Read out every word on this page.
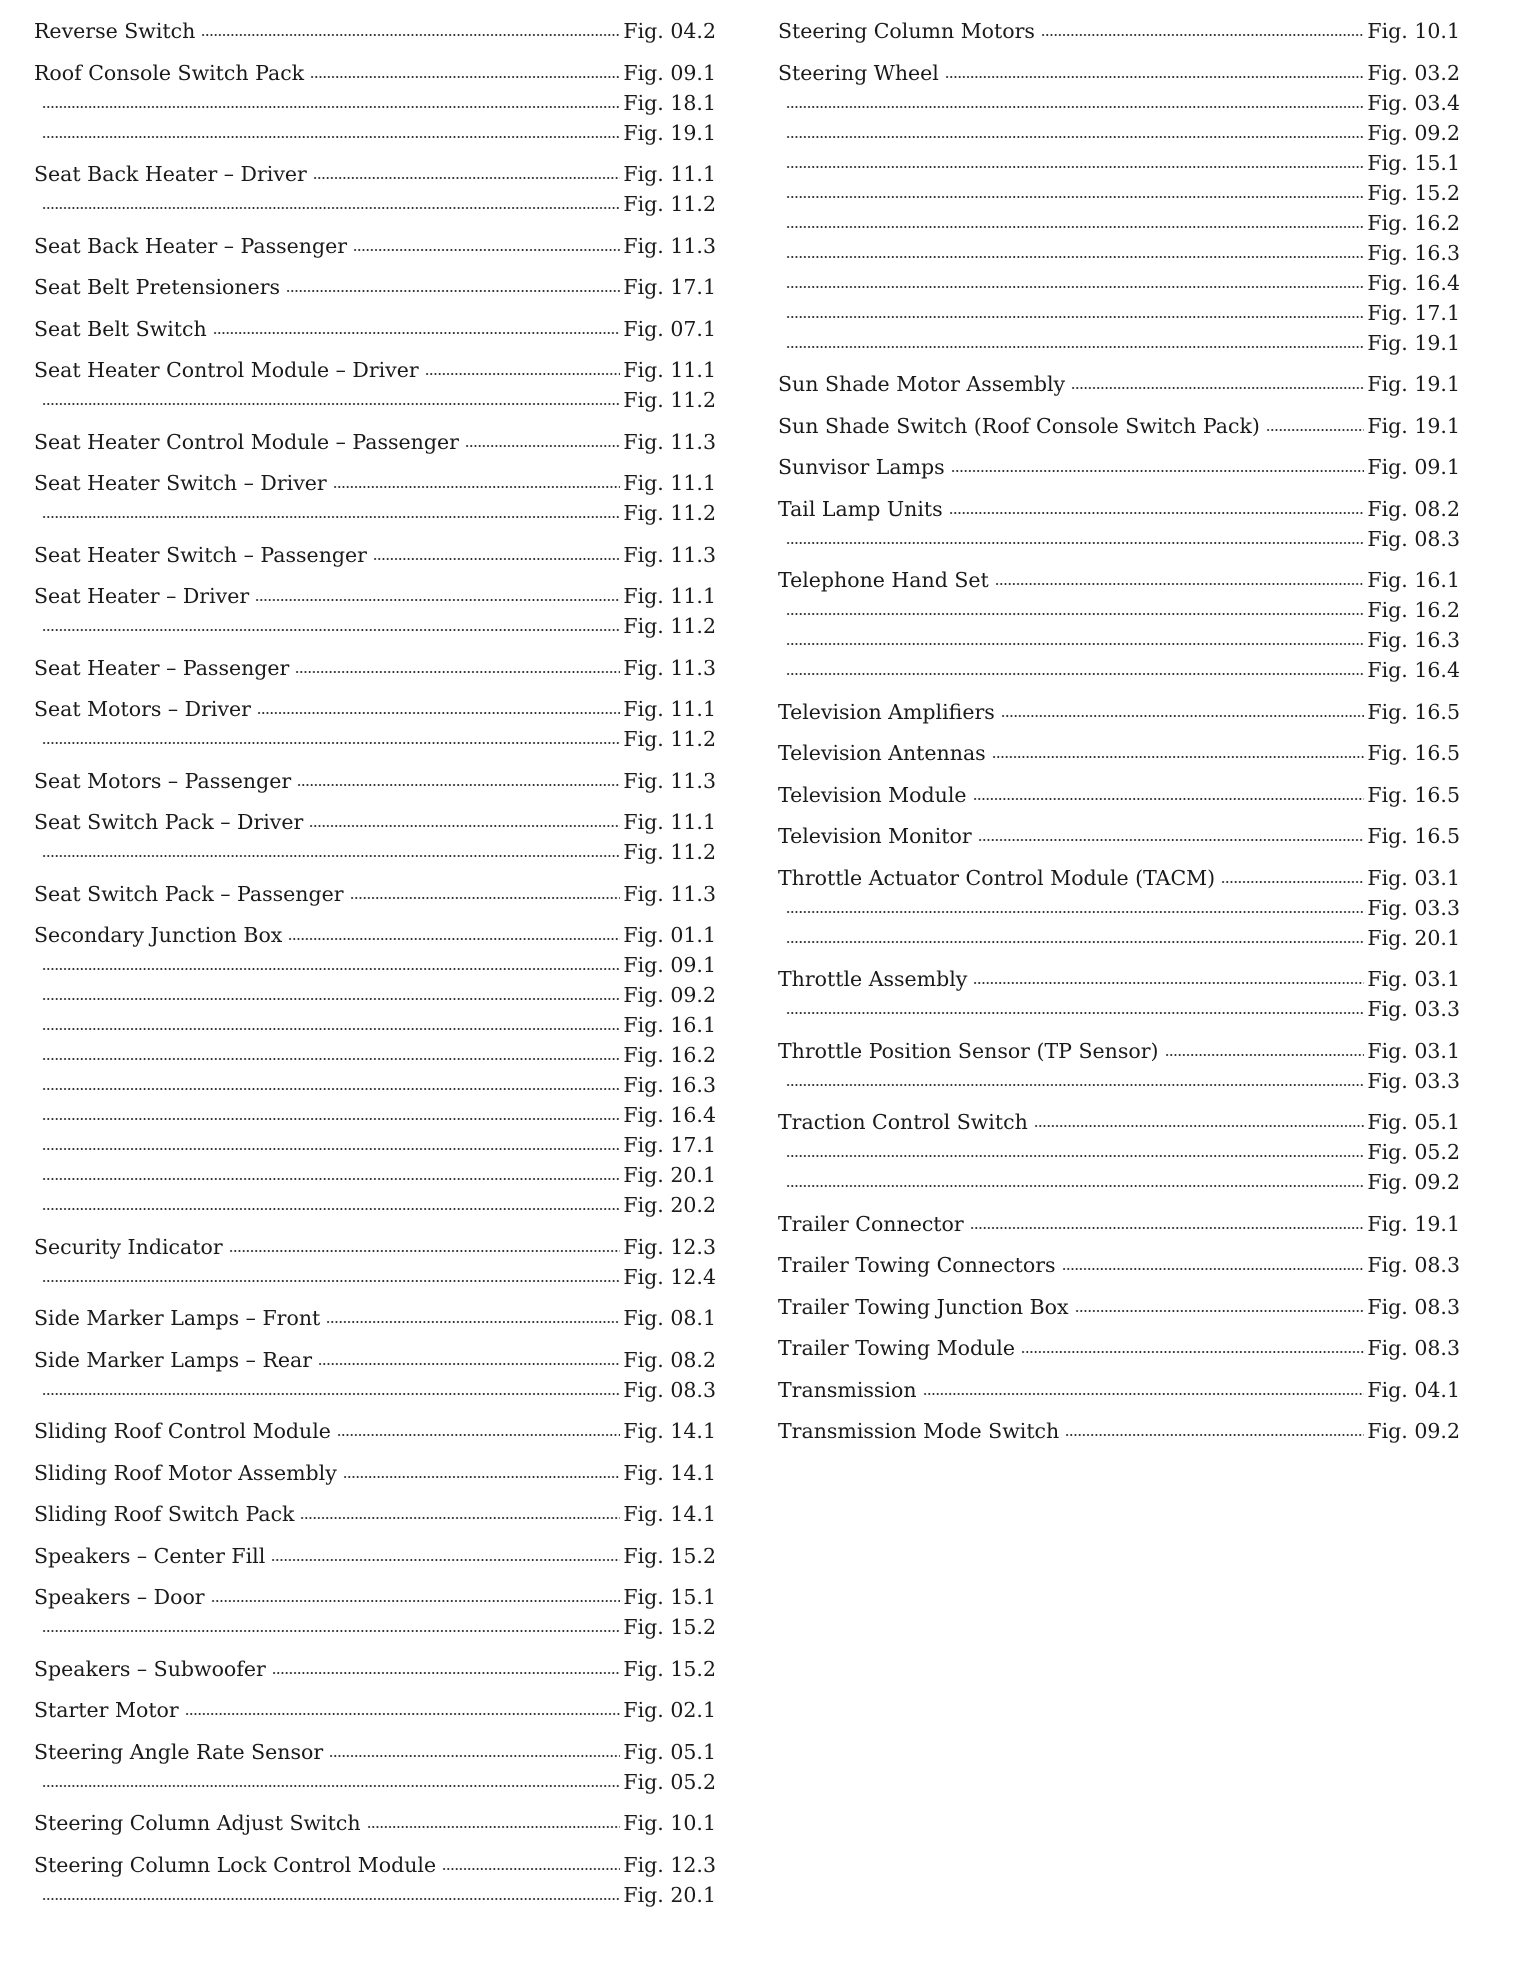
Reverse Switch	Fig. 04.2
Roof Console Switch Pack	Fig. 09.1
Fig. 18.1
Fig. 19.1
Seat Back Heater – Driver	Fig. 11.1
Fig. 11.2
Seat Back Heater – Passenger	Fig. 11.3
Seat Belt Pretensioners	Fig. 17.1
Seat Belt Switch	Fig. 07.1
Seat Heater Control Module – Driver	Fig. 11.1
Fig. 11.2
Seat Heater Control Module – Passenger	Fig. 11.3
Seat Heater Switch – Driver	Fig. 11.1
Fig. 11.2
Seat Heater Switch – Passenger	Fig. 11.3
Seat Heater – Driver	Fig. 11.1
Fig. 11.2
Seat Heater – Passenger	Fig. 11.3
Seat Motors – Driver	Fig. 11.1
Fig. 11.2
Seat Motors – Passenger	Fig. 11.3
Seat Switch Pack – Driver	Fig. 11.1
Fig. 11.2
Seat Switch Pack – Passenger	Fig. 11.3
Secondary Junction Box	Fig. 01.1
Fig. 09.1
Fig. 09.2
Fig. 16.1
Fig. 16.2
Fig. 16.3
Fig. 16.4
Fig. 17.1
Fig. 20.1
Fig. 20.2
Security Indicator	Fig. 12.3
Fig. 12.4
Side Marker Lamps – Front	Fig. 08.1
Side Marker Lamps – Rear	Fig. 08.2
Fig. 08.3
Sliding Roof Control Module	Fig. 14.1
Sliding Roof Motor Assembly	Fig. 14.1
Sliding Roof Switch Pack	Fig. 14.1
Speakers – Center Fill	Fig. 15.2
Speakers – Door	Fig. 15.1
Fig. 15.2
Speakers – Subwoofer	Fig. 15.2
Starter Motor	Fig. 02.1
Steering Angle Rate Sensor	Fig. 05.1
Fig. 05.2
Steering Column Adjust Switch	Fig. 10.1
Steering Column Lock Control Module	Fig. 12.3
Fig. 20.1
Steering Column Motors	Fig. 10.1
Steering Wheel	Fig. 03.2
Fig. 03.4
Fig. 09.2
Fig. 15.1
Fig. 15.2
Fig. 16.2
Fig. 16.3
Fig. 16.4
Fig. 17.1
Fig. 19.1
Sun Shade Motor Assembly	Fig. 19.1
Sun Shade Switch (Roof Console Switch Pack)	Fig. 19.1
Sunvisor Lamps	Fig. 09.1
Tail Lamp Units	Fig. 08.2
Fig. 08.3
Telephone Hand Set	Fig. 16.1
Fig. 16.2
Fig. 16.3
Fig. 16.4
Television Amplifiers	Fig. 16.5
Television Antennas	Fig. 16.5
Television Module	Fig. 16.5
Television Monitor	Fig. 16.5
Throttle Actuator Control Module (TACM)	Fig. 03.1
Fig. 03.3
Fig. 20.1
Throttle Assembly	Fig. 03.1
Fig. 03.3
Throttle Position Sensor (TP Sensor)	Fig. 03.1
Fig. 03.3
Traction Control Switch	Fig. 05.1
Fig. 05.2
Fig. 09.2
Trailer Connector	Fig. 19.1
Trailer Towing Connectors	Fig. 08.3
Trailer Towing Junction Box	Fig. 08.3
Trailer Towing Module	Fig. 08.3
Transmission	Fig. 04.1
Transmission Mode Switch	Fig. 09.2
